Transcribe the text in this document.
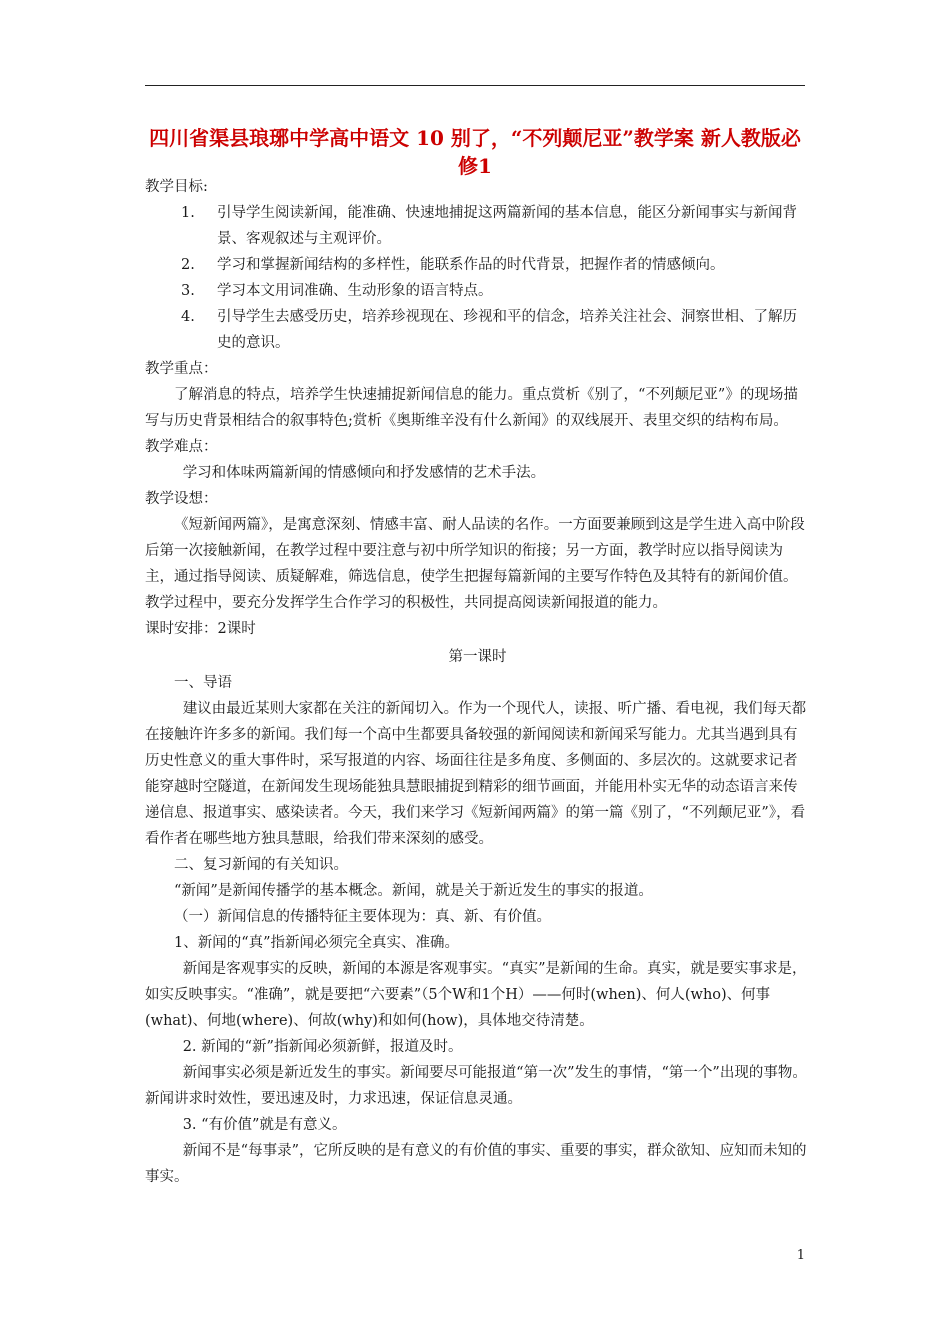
四川省渠县琅琊中学高中语文 10 别了，“不列颠尼亚”教学案 新人教版必修1

教学目标:

1. 引导学生阅读新闻，能准确、快速地捕捉这两篇新闻的基本信息，能区分新闻事实与新闻背景、客观叙述与主观评价。
2. 学习和掌握新闻结构的多样性，能联系作品的时代背景，把握作者的情感倾向。
3. 学习本文用词准确、生动形象的语言特点。
4. 引导学生去感受历史，培养珍视现在、珍视和平的信念，培养关注社会、洞察世相、了解历史的意识。

教学重点：

了解消息的特点，培养学生快速捕捉新闻信息的能力。重点赏析《别了，“不列颠尼亚”》的现场描写与历史背景相结合的叙事特色;赏析《奥斯维辛没有什么新闻》的双线展开、表里交织的结构布局。

教学难点：

学习和体味两篇新闻的情感倾向和抒发感情的艺术手法。

教学设想：

《短新闻两篇》，是寓意深刻、情感丰富、耐人品读的名作。一方面要兼顾到这是学生进入高中阶段后第一次接触新闻，在教学过程中要注意与初中所学知识的衔接；另一方面，教学时应以指导阅读为主，通过指导阅读、质疑解难，筛选信息，使学生把握每篇新闻的主要写作特色及其特有的新闻价值。教学过程中，要充分发挥学生合作学习的积极性，共同提高阅读新闻报道的能力。

课时安排：2课时

第一课时

一、导语

建议由最近某则大家都在关注的新闻切入。作为一个现代人，读报、听广播、看电视，我们每天都在接触许许多多的新闻。我们每一个高中生都要具备较强的新闻阅读和新闻采写能力。尤其当遇到具有历史性意义的重大事件时，采写报道的内容、场面往往是多角度、多侧面的、多层次的。这就要求记者能穿越时空隧道，在新闻发生现场能独具慧眼捕捉到精彩的细节画面，并能用朴实无华的动态语言来传递信息、报道事实、感染读者。今天，我们来学习《短新闻两篇》的第一篇《别了，“不列颠尼亚”》，看看作者在哪些地方独具慧眼，给我们带来深刻的感受。

二、复习新闻的有关知识。

“新闻”是新闻传播学的基本概念。新闻，就是关于新近发生的事实的报道。

（一）新闻信息的传播特征主要体现为：真、新、有价值。

1、新闻的“真”指新闻必须完全真实、准确。

新闻是客观事实的反映，新闻的本源是客观事实。“真实”是新闻的生命。真实，就是要实事求是，如实反映事实。“准确”，就是要把“六要素”（5个W和1个H）——何时(when)、何人(who)、何事(what)、何地(where)、何故(why)和如何(how)，具体地交待清楚。

2. 新闻的“新”指新闻必须新鲜，报道及时。

新闻事实必须是新近发生的事实。新闻要尽可能报道“第一次”发生的事情，“第一个”出现的事物。新闻讲求时效性，要迅速及时，力求迅速，保证信息灵通。

3. “有价值”就是有意义。

新闻不是“每事录”，它所反映的是有意义的有价值的事实、重要的事实，群众欲知、应知而未知的事实。

1
